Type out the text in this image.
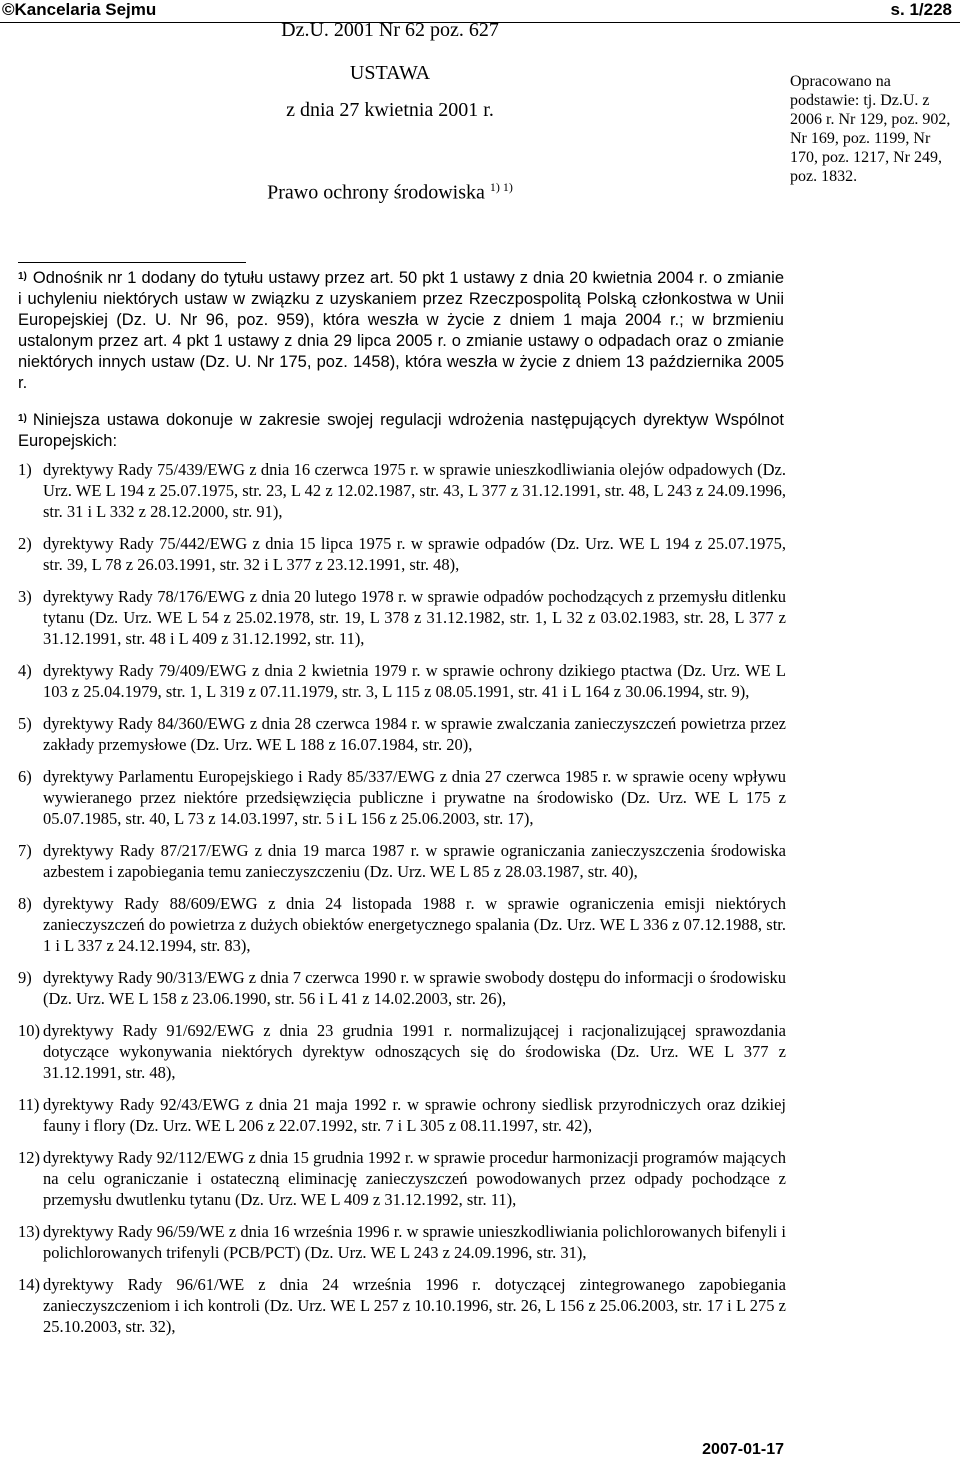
©Kancelaria Sejmu	s. 1/228
Dz.U. 2001 Nr 62 poz. 627
USTAWA
z dnia 27 kwietnia 2001 r.
Prawo ochrony środowiska $^{1) 1)}$

Opracowano na podstawie: tj. Dz.U. z 2006 r. Nr 129, poz. 902, Nr 169, poz. 1199, Nr 170, poz. 1217, Nr 249, poz. 1832.

$^{1)}$ Odnośnik nr 1 dodany do tytułu ustawy przez art. 50 pkt 1 ustawy z dnia 20 kwietnia 2004 r. o zmianie i uchyleniu niektórych ustaw w związku z uzyskaniem przez Rzeczpospolitą Polską członkostwa w Unii Europejskiej (Dz. U. Nr 96, poz. 959), która weszła w życie z dniem 1 maja 2004 r.; w brzmieniu ustalonym przez art. 4 pkt 1 ustawy z dnia 29 lipca 2005 r. o zmianie ustawy o odpadach oraz o zmianie niektórych innych ustaw (Dz. U. Nr 175, poz. 1458), która weszła w życie z dniem 13 października 2005 r.
$^{1)}$ Niniejsza ustawa dokonuje w zakresie swojej regulacji wdrożenia następujących dyrektyw Wspólnot Europejskich:
1) dyrektywy Rady 75/439/EWG z dnia 16 czerwca 1975 r. w sprawie unieszkodliwiania olejów odpadowych (Dz. Urz. WE L 194 z 25.07.1975, str. 23, L 42 z 12.02.1987, str. 43, L 377 z 31.12.1991, str. 48, L 243 z 24.09.1996, str. 31 i L 332 z 28.12.2000, str. 91),
2) dyrektywy Rady 75/442/EWG z dnia 15 lipca 1975 r. w sprawie odpadów (Dz. Urz. WE L 194 z 25.07.1975, str. 39, L 78 z 26.03.1991, str. 32 i L 377 z 23.12.1991, str. 48),
3) dyrektywy Rady 78/176/EWG z dnia 20 lutego 1978 r. w sprawie odpadów pochodzących z przemysłu ditlenku tytanu (Dz. Urz. WE L 54 z 25.02.1978, str. 19, L 378 z 31.12.1982, str. 1, L 32 z 03.02.1983, str. 28, L 377 z 31.12.1991, str. 48 i L 409 z 31.12.1992, str. 11),
4) dyrektywy Rady 79/409/EWG z dnia 2 kwietnia 1979 r. w sprawie ochrony dzikiego ptactwa (Dz. Urz. WE L 103 z 25.04.1979, str. 1, L 319 z 07.11.1979, str. 3, L 115 z 08.05.1991, str. 41 i L 164 z 30.06.1994, str. 9),
5) dyrektywy Rady 84/360/EWG z dnia 28 czerwca 1984 r. w sprawie zwalczania zanieczyszczeń powietrza przez zakłady przemysłowe (Dz. Urz. WE L 188 z 16.07.1984, str. 20),
6) dyrektywy Parlamentu Europejskiego i Rady 85/337/EWG z dnia 27 czerwca 1985 r. w sprawie oceny wpływu wywieranego przez niektóre przedsięwzięcia publiczne i prywatne na środowisko (Dz. Urz. WE L 175 z 05.07.1985, str. 40, L 73 z 14.03.1997, str. 5 i L 156 z 25.06.2003, str. 17),
7) dyrektywy Rady 87/217/EWG z dnia 19 marca 1987 r. w sprawie ograniczania zanieczyszczenia środowiska azbestem i zapobiegania temu zanieczyszczeniu (Dz. Urz. WE L 85 z 28.03.1987, str. 40),
8) dyrektywy Rady 88/609/EWG z dnia 24 listopada 1988 r. w sprawie ograniczenia emisji niektórych zanieczyszczeń do powietrza z dużych obiektów energetycznego spalania (Dz. Urz. WE L 336 z 07.12.1988, str. 1 i L 337 z 24.12.1994, str. 83),
9) dyrektywy Rady 90/313/EWG z dnia 7 czerwca 1990 r. w sprawie swobody dostępu do informacji o środowisku (Dz. Urz. WE L 158 z 23.06.1990, str. 56 i L 41 z 14.02.2003, str. 26),
10) dyrektywy Rady 91/692/EWG z dnia 23 grudnia 1991 r. normalizującej i racjonalizującej sprawozdania dotyczące wykonywania niektórych dyrektyw odnoszących się do środowiska (Dz. Urz. WE L 377 z 31.12.1991, str. 48),
11) dyrektywy Rady 92/43/EWG z dnia 21 maja 1992 r. w sprawie ochrony siedlisk przyrodniczych oraz dzikiej fauny i flory (Dz. Urz. WE L 206 z 22.07.1992, str. 7 i L 305 z 08.11.1997, str. 42),
12) dyrektywy Rady 92/112/EWG z dnia 15 grudnia 1992 r. w sprawie procedur harmonizacji programów mających na celu ograniczanie i ostateczną eliminację zanieczyszczeń powodowanych przez odpady pochodzące z przemysłu dwutlenku tytanu (Dz. Urz. WE L 409 z 31.12.1992, str. 11),
13) dyrektywy Rady 96/59/WE z dnia 16 września 1996 r. w sprawie unieszkodliwiania polichlorowanych bifenyli i polichlorowanych trifenyli (PCB/PCT) (Dz. Urz. WE L 243 z 24.09.1996, str. 31),
14) dyrektywy Rady 96/61/WE z dnia 24 września 1996 r. dotyczącej zintegrowanego zapobiegania zanieczyszczeniom i ich kontroli (Dz. Urz. WE L 257 z 10.10.1996, str. 26, L 156 z 25.06.2003, str. 17 i L 275 z 25.10.2003, str. 32),
2007-01-17
